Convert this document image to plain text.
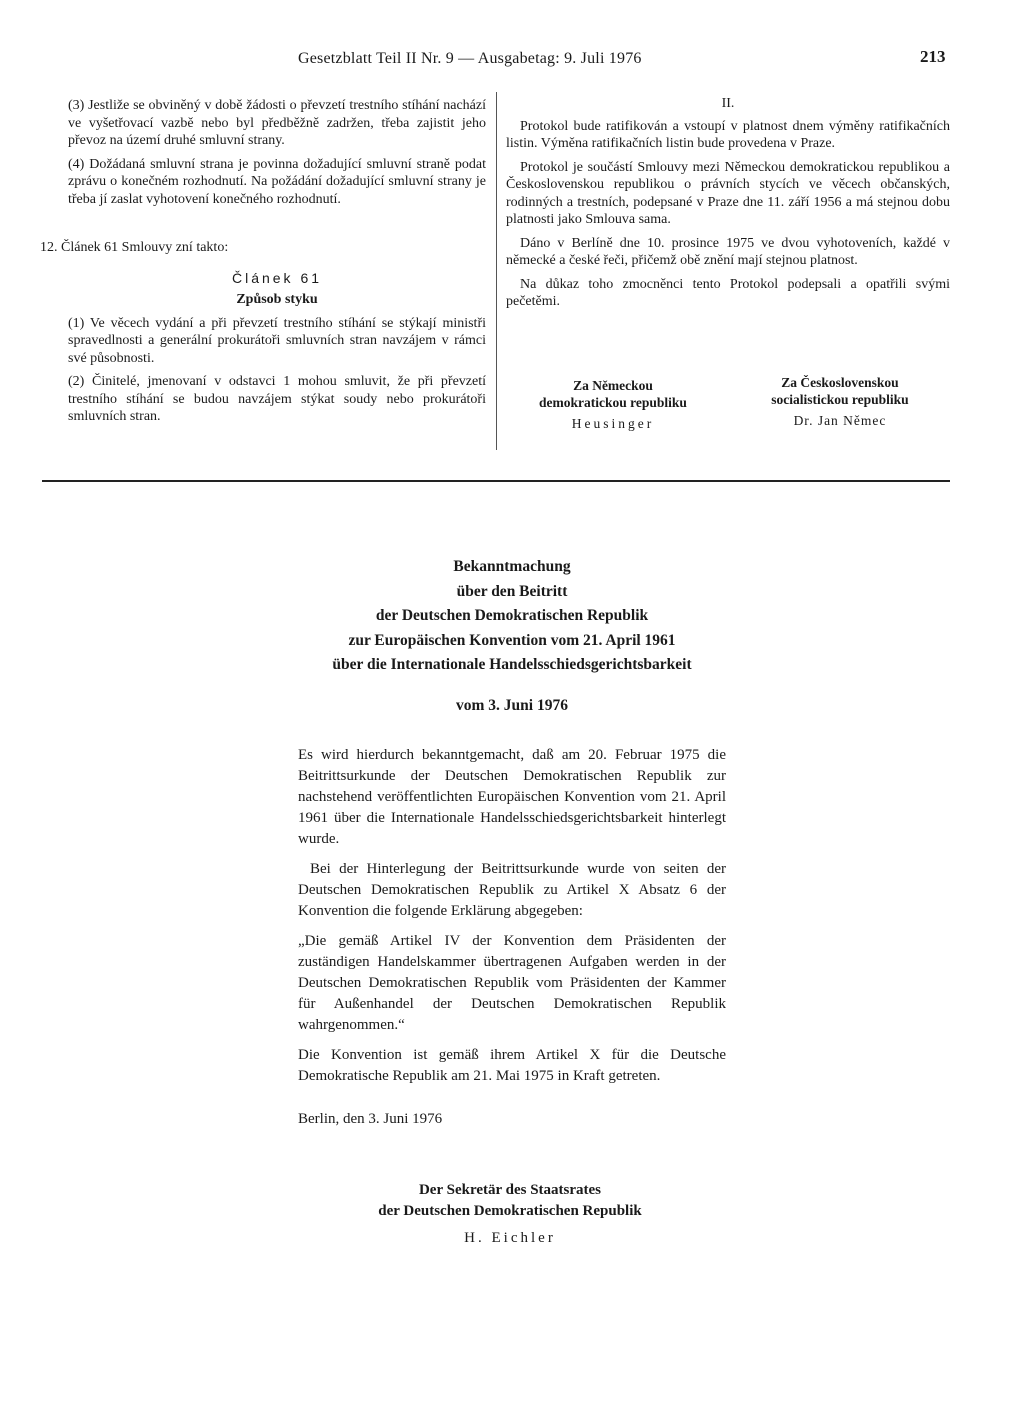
Gesetzblatt Teil II Nr. 9 — Ausgabetag: 9. Juli 1976	213

(3) Jestliže se obviněný v době žádosti o převzetí trestního stíhání nachází ve vyšetřovací vazbě nebo byl předběžně zadržen, třeba zajistit jeho převoz na území druhé smluvní strany.

(4) Dožádaná smluvní strana je povinna dožadující smluvní straně podat zprávu o konečném rozhodnutí. Na požádání dožadující smluvní strany je třeba jí zaslat vyhotovení konečného rozhodnutí.

12. Článek 61 Smlouvy zní takto:

Článek 61

Způsob styku

(1) Ve věcech vydání a při převzetí trestního stíhání se stýkají ministři spravedlnosti a generální prokurátoři smluvních stran navzájem v rámci své působnosti.

(2) Činitelé, jmenovaní v odstavci 1 mohou smluvit, že při převzetí trestního stíhání se budou navzájem stýkat soudy nebo prokurátoři smluvních stran.

II.

Protokol bude ratifikován a vstoupí v platnost dnem výměny ratifikačních listin. Výměna ratifikačních listin bude provedena v Praze.

Protokol je součástí Smlouvy mezi Německou demokratickou republikou a Československou republikou o právních stycích ve věcech občanských, rodinných a trestních, podepsané v Praze dne 11. září 1956 a má stejnou dobu platnosti jako Smlouva sama.

Dáno v Berlíně dne 10. prosince 1975 ve dvou vyhotoveních, každé v německé a české řeči, přičemž obě znění mají stejnou platnost.

Na důkaz toho zmocněnci tento Protokol podepsali a opatřili svými pečetěmi.

Za Německou
demokratickou republiku
Heusinger
Za Československou
socialistickou republiku
Dr. Jan Němec
Bekanntmachung
über den Beitritt
der Deutschen Demokratischen Republik
zur Europäischen Konvention vom 21. April 1961
über die Internationale Handelsschiedsgerichtsbarkeit
vom 3. Juni 1976

Es wird hierdurch bekanntgemacht, daß am 20. Februar 1975 die Beitrittsurkunde der Deutschen Demokratischen Republik zur nachstehend veröffentlichten Europäischen Konvention vom 21. April 1961 über die Internationale Handelsschiedsgerichtsbarkeit hinterlegt wurde.

Bei der Hinterlegung der Beitrittsurkunde wurde von seiten der Deutschen Demokratischen Republik zu Artikel X Absatz 6 der Konvention die folgende Erklärung abgegeben:

„Die gemäß Artikel IV der Konvention dem Präsidenten der zuständigen Handelskammer übertragenen Aufgaben werden in der Deutschen Demokratischen Republik vom Präsidenten der Kammer für Außenhandel der Deutschen Demokratischen Republik wahrgenommen.“

Die Konvention ist gemäß ihrem Artikel X für die Deutsche Demokratische Republik am 21. Mai 1975 in Kraft getreten.

Berlin, den 3. Juni 1976

Der Sekretär des Staatsrates
der Deutschen Demokratischen Republik
H. Eichler
